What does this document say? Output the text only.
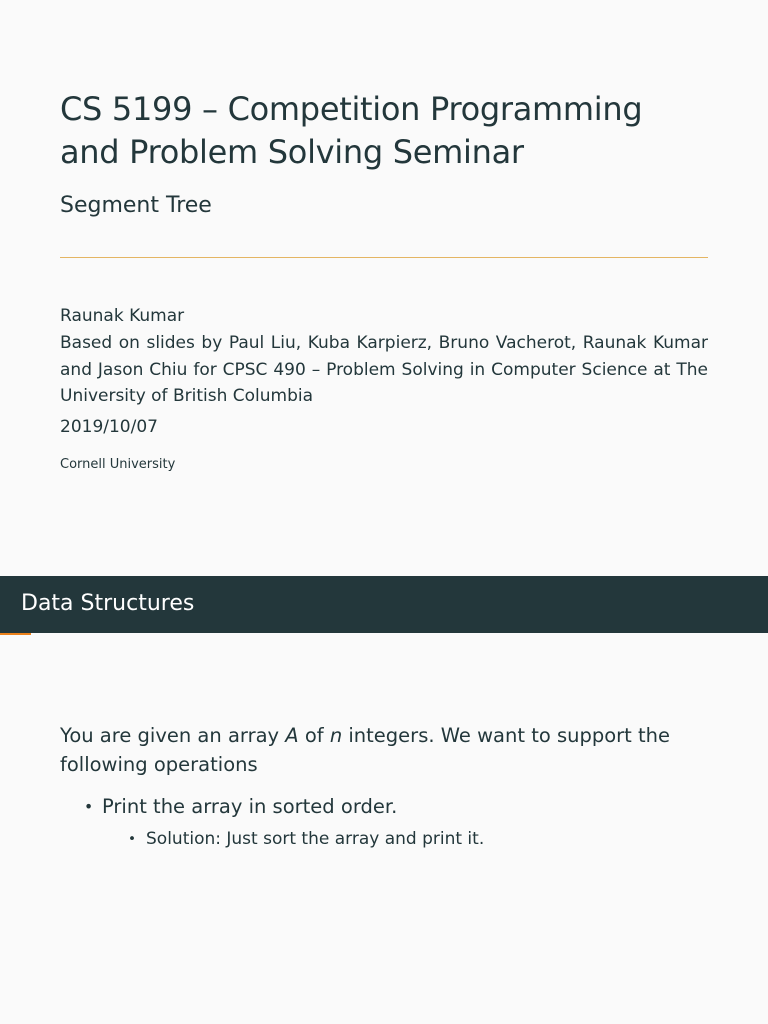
CS 5199 – Competition Programming
and Problem Solving Seminar
Segment Tree
Raunak Kumar
Based on slides by Paul Liu, Kuba Karpierz, Bruno Vacherot, Raunak Kumar and Jason Chiu for CPSC 490 – Problem Solving in Computer Science at The University of British Columbia
2019/10/07
Cornell University
Data Structures
You are given an array A of n integers. We want to support the following operations
• Print the array in sorted order.
• Solution: Just sort the array and print it.
